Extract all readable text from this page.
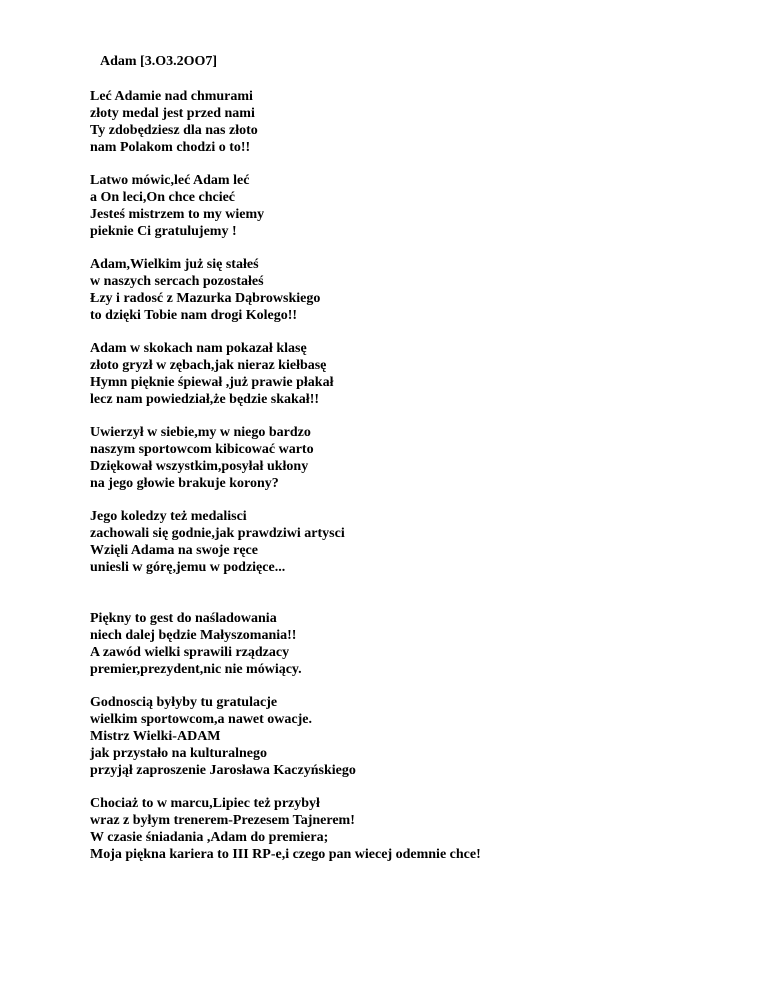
Adam [3.O3.2OO7]
Leć Adamie nad chmurami
złoty medal jest przed nami
Ty zdobędziesz dla nas złoto
nam Polakom chodzi o to!!
Latwo mówic,leć Adam leć
a On leci,On chce chcieć
Jesteś mistrzem to my wiemy
pieknie Ci gratulujemy !
Adam,Wielkim już się stałeś
w naszych sercach pozostałeś
Łzy i radosć z Mazurka Dąbrowskiego
to dzięki Tobie nam drogi Kolego!!
Adam w skokach nam pokazał klasę
złoto gryzł w zębach,jak nieraz kiełbasę
Hymn pięknie śpiewał ,już prawie płakał
lecz nam powiedział,że będzie skakał!!
Uwierzył w siebie,my w niego bardzo
naszym sportowcom kibicować warto
Dziękował wszystkim,posyłał ukłony
na jego głowie brakuje korony?
Jego koledzy też medalisci
zachowali się godnie,jak prawdziwi artysci
Wzięli Adama na swoje ręce
uniesli w górę,jemu w podzięce...
Piękny to gest do naśladowania
niech dalej będzie Małyszomania!!
A zawód wielki sprawili rządzacy
premier,prezydent,nic nie mówiący.
Godnoscią byłyby tu gratulacje
wielkim sportowcom,a nawet owacje.
Mistrz Wielki-ADAM
jak przystało na kulturalnego
przyjął zaproszenie Jarosława Kaczyńskiego
Chociaż to w marcu,Lipiec też przybył
wraz z byłym trenerem-Prezesem Tajnerem!
W czasie śniadania ,Adam do premiera;
Moja piękna kariera to III RP-e,i czego pan wiecej odemnie chce!
